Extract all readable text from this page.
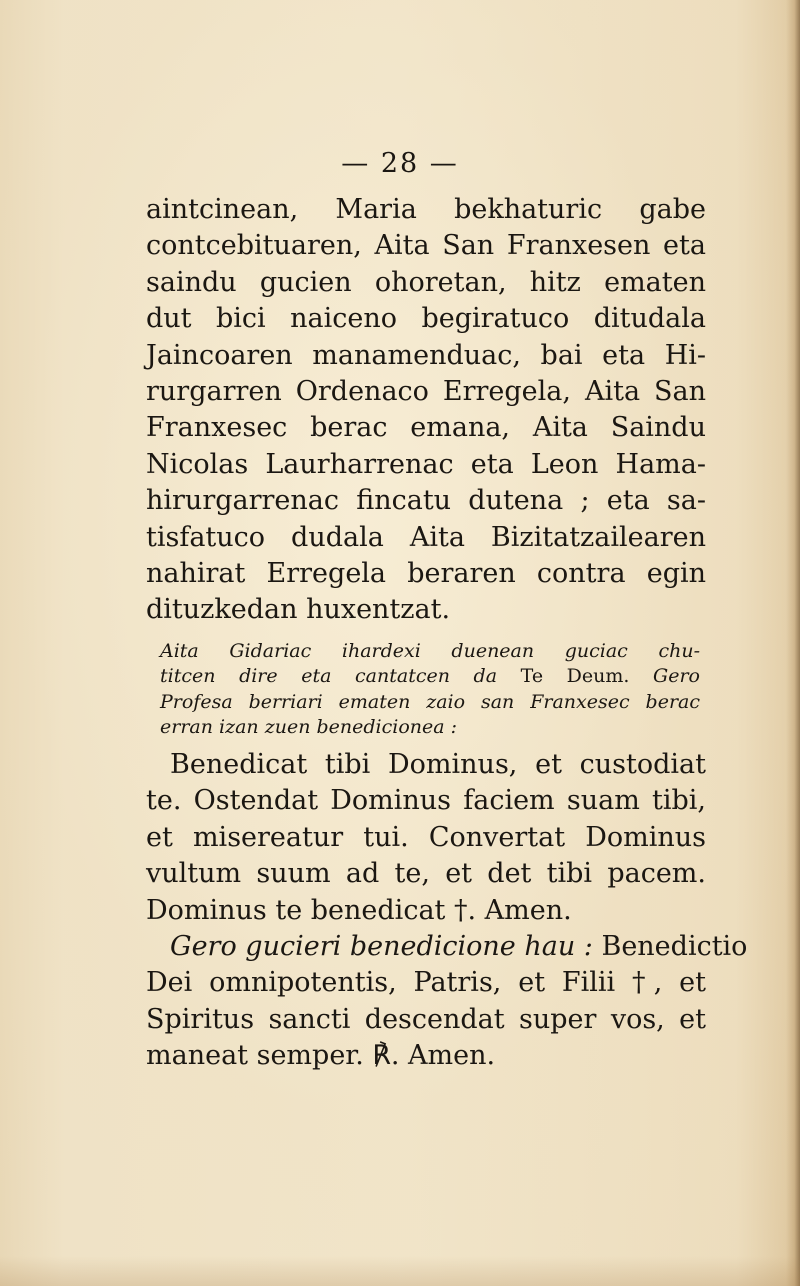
— 28 —

aintcinean, Maria bekhaturic gabe
contcebituaren, Aita San Franxesen eta
saindu gucien ohoretan, hitz ematen
dut bici naiceno begiratuco ditudala
Jaincoaren manamenduac, bai eta Hi-
rurgarren Ordenaco Erregela, Aita San
Franxesec berac emana, Aita Saindu
Nicolas Laurharrenac eta Leon Hama-
hirurgarrenac fincatu dutena ; eta sa-
tisfatuco dudala Aita Bizitatzailearen
nahirat Erregela beraren contra egin
dituzkedan huxentzat.

Aita Gidariac ihardexi duenean guciac chu-
titcen dire eta cantatcen da Te Deum. Gero
Profesa berriari ematen zaio san Franxesec berac
erran izan zuen benedicionea :

Benedicat tibi Dominus, et custodiat
te. Ostendat Dominus faciem suam tibi,
et misereatur tui. Convertat Dominus
vultum suum ad te, et det tibi pacem.
Dominus te benedicat †. Amen.

Gero gucieri benedicione hau : Benedictio
Dei omnipotentis, Patris, et Filii †, et
Spiritus sancti descendat super vos, et
maneat semper. ℟. Amen.
